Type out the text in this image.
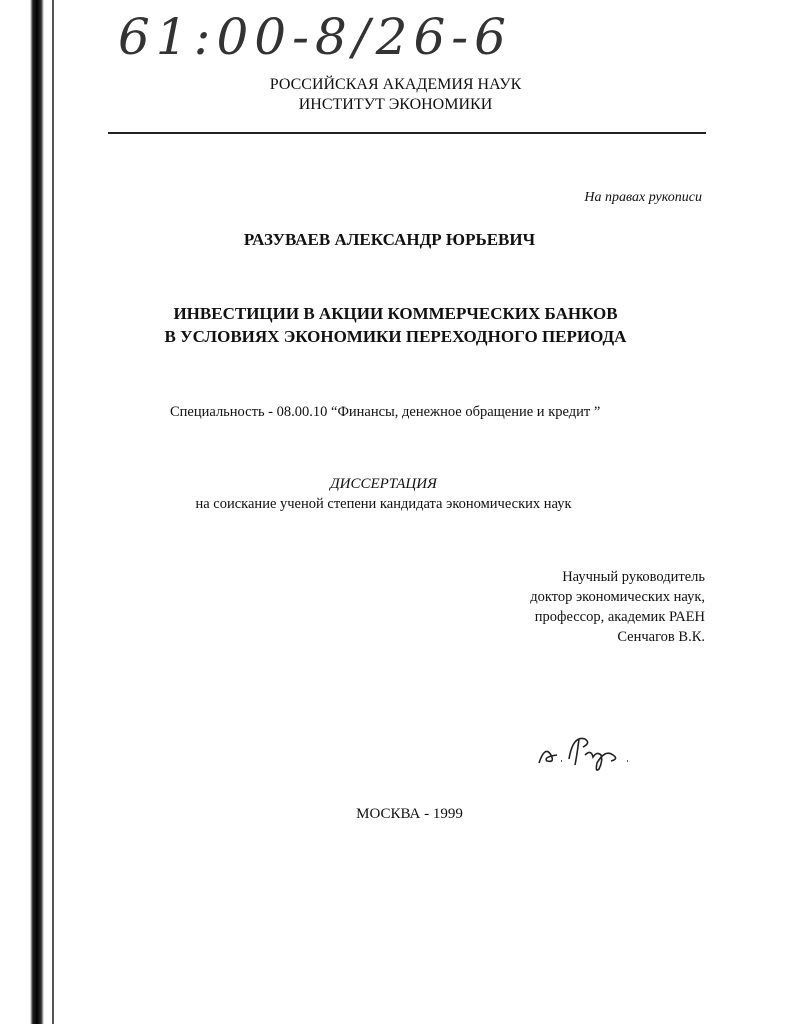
61:00-8/26-6
РОССИЙСКАЯ АКАДЕМИЯ НАУК
ИНСТИТУТ ЭКОНОМИКИ
На правах рукописи
РАЗУВАЕВ АЛЕКСАНДР ЮРЬЕВИЧ
ИНВЕСТИЦИИ В АКЦИИ КОММЕРЧЕСКИХ БАНКОВ
В УСЛОВИЯХ ЭКОНОМИКИ ПЕРЕХОДНОГО ПЕРИОДА
Специальность - 08.00.10 “Финансы, денежное обращение и кредит ”
ДИССЕРТАЦИЯ
на соискание ученой степени кандидата экономических наук
Научный руководитель
доктор экономических наук,
профессор, академик РАЕН
Сенчагов В.К.
МОСКВА - 1999
